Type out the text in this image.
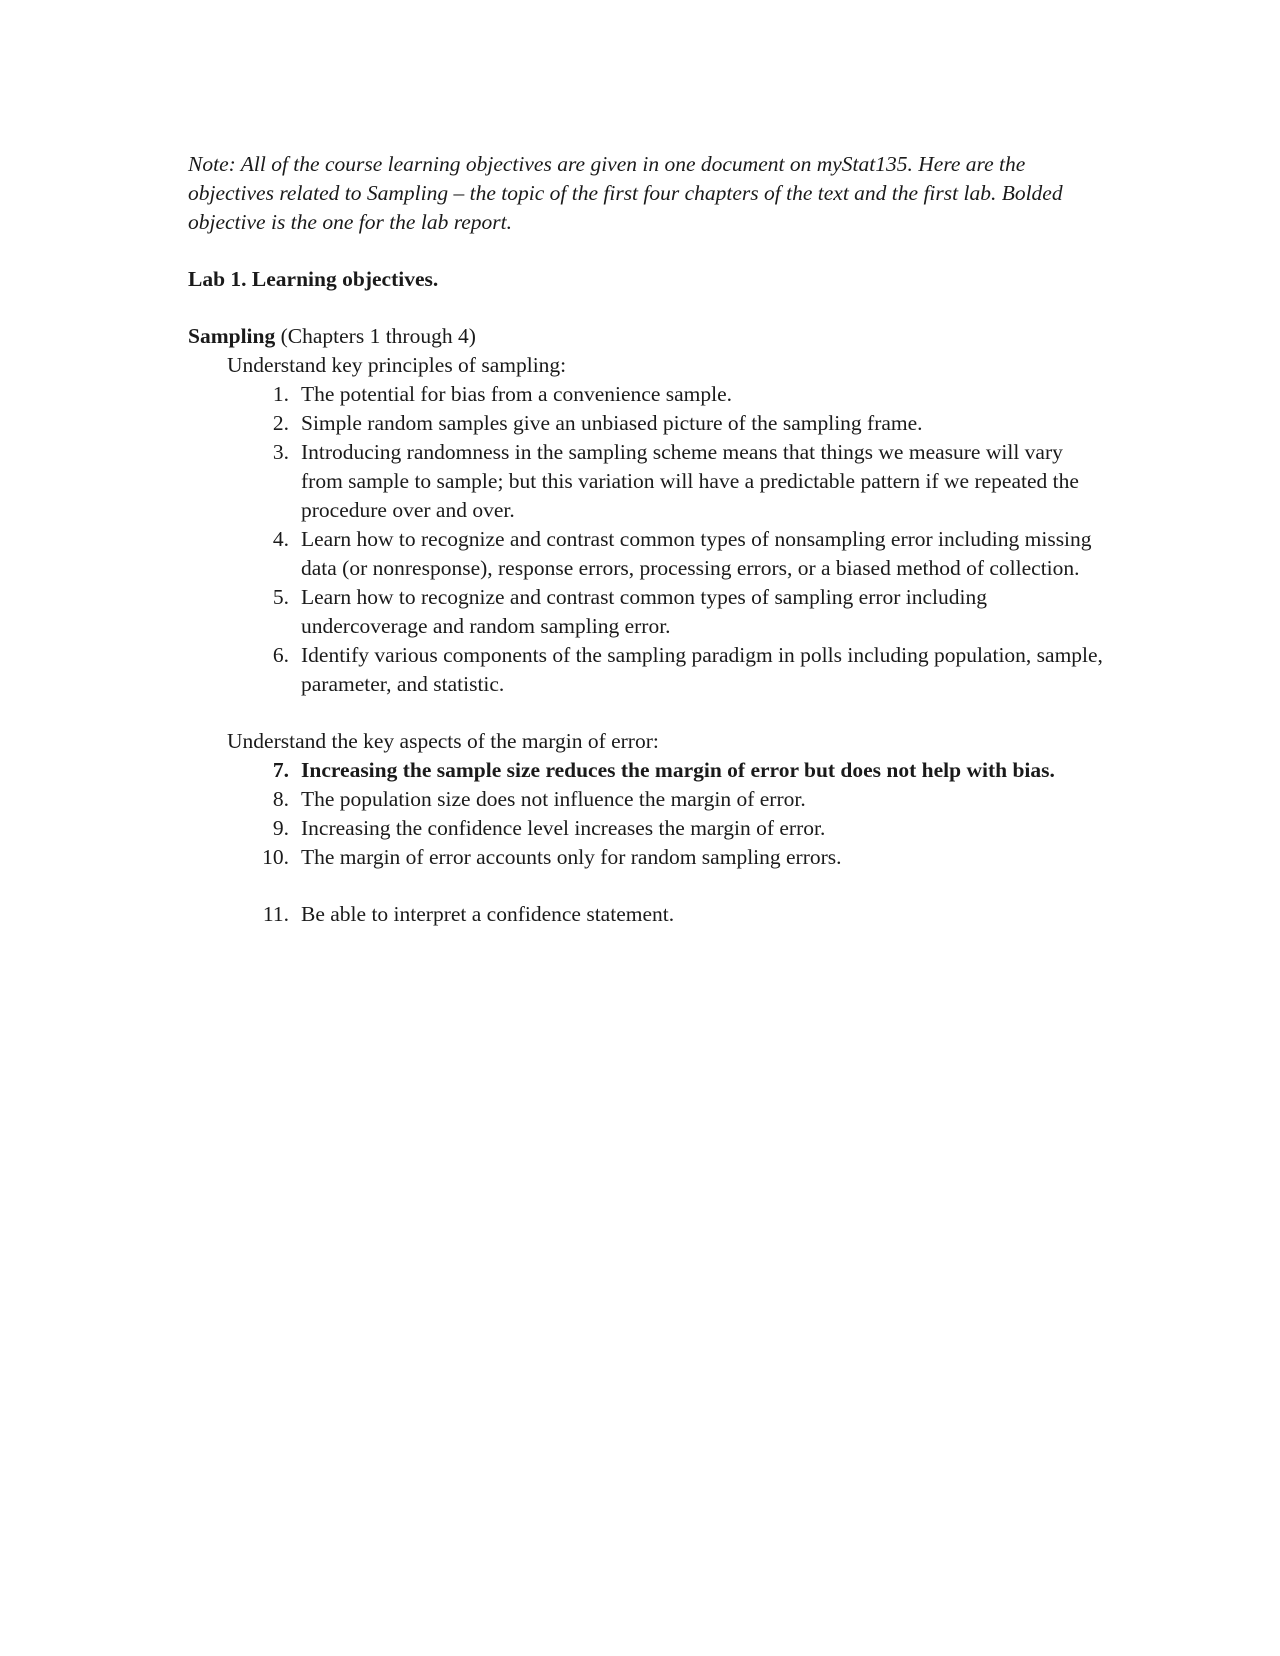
Note: All of the course learning objectives are given in one document on myStat135. Here are the objectives related to Sampling – the topic of the first four chapters of the text and the first lab. Bolded objective is the one for the lab report.

Lab 1. Learning objectives.

Sampling (Chapters 1 through 4)

Understand key principles of sampling:

1. The potential for bias from a convenience sample.
2. Simple random samples give an unbiased picture of the sampling frame.
3. Introducing randomness in the sampling scheme means that things we measure will vary from sample to sample; but this variation will have a predictable pattern if we repeated the procedure over and over.
4. Learn how to recognize and contrast common types of nonsampling error including missing data (or nonresponse), response errors, processing errors, or a biased method of collection.
5. Learn how to recognize and contrast common types of sampling error including undercoverage and random sampling error.
6. Identify various components of the sampling paradigm in polls including population, sample, parameter, and statistic.

Understand the key aspects of the margin of error:

7. Increasing the sample size reduces the margin of error but does not help with bias.
8. The population size does not influence the margin of error.
9. Increasing the confidence level increases the margin of error.
10. The margin of error accounts only for random sampling errors.
11. Be able to interpret a confidence statement.
